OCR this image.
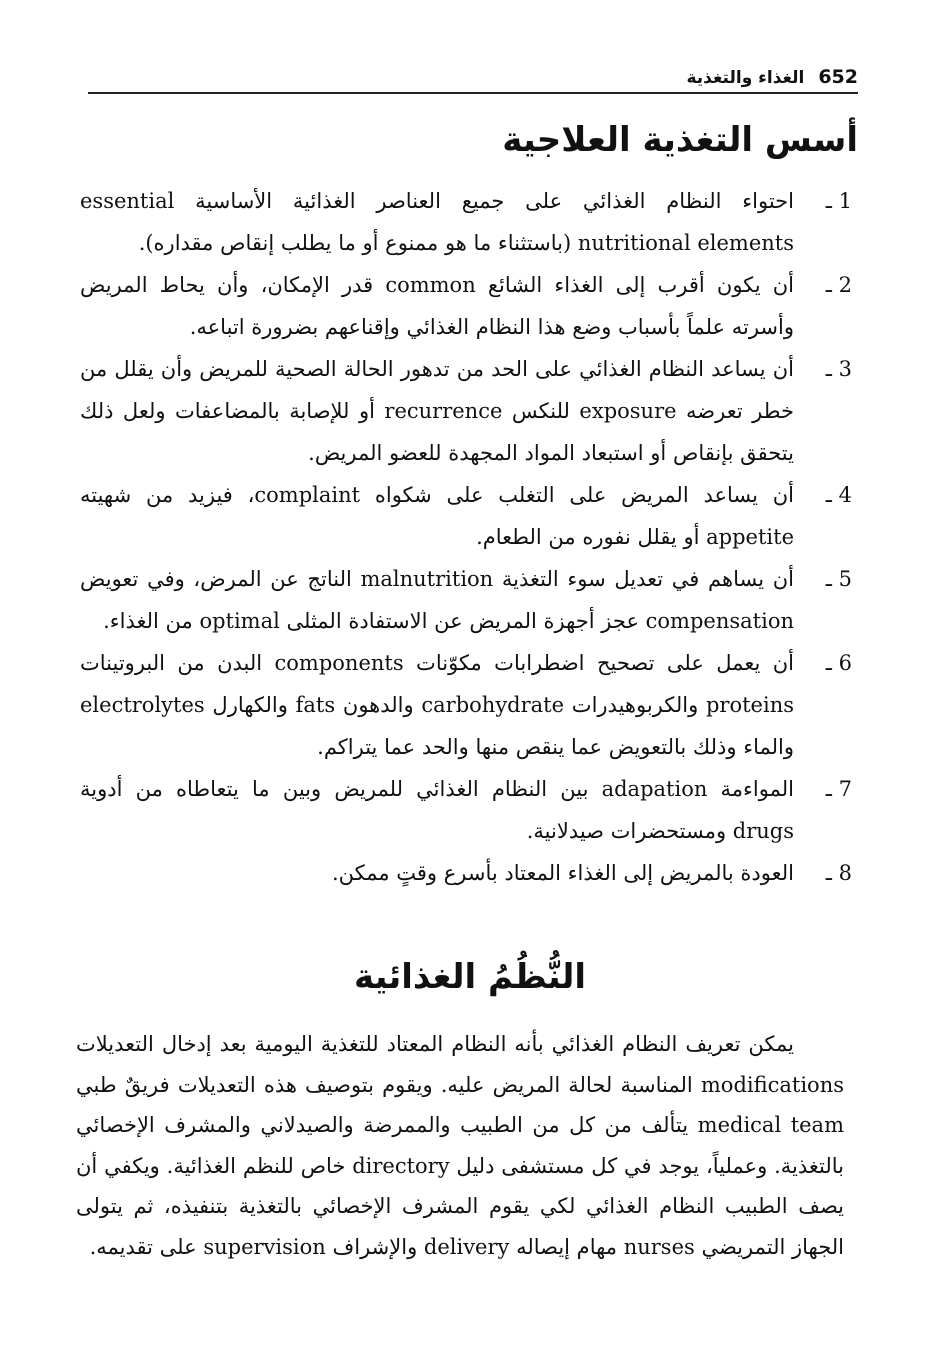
652
الغذاء والتغذية
أسس التغذية العلاجية
1 ـ
احتواء النظام الغذائي على جميع العناصر الغذائية الأساسية essential nutritional elements (باستثناء ما هو ممنوع أو ما يطلب إنقاص مقداره).
2 ـ
أن يكون أقرب إلى الغذاء الشائع common قدر الإمكان، وأن يحاط المريض وأسرته علماً بأسباب وضع هذا النظام الغذائي وإقناعهم بضرورة اتباعه.
3 ـ
أن يساعد النظام الغذائي على الحد من تدهور الحالة الصحية للمريض وأن يقلل من خطر تعرضه exposure للنكس recurrence أو للإصابة بالمضاعفات ولعل ذلك يتحقق بإنقاص أو استبعاد المواد المجهدة للعضو المريض.
4 ـ
أن يساعد المريض على التغلب على شكواه complaint، فيزيد من شهيته appetite أو يقلل نفوره من الطعام.
5 ـ
أن يساهم في تعديل سوء التغذية malnutrition الناتج عن المرض، وفي تعويض compensation عجز أجهزة المريض عن الاستفادة المثلى optimal من الغذاء.
6 ـ
أن يعمل على تصحيح اضطرابات مكوّنات components البدن من البروتينات proteins والكربوهيدرات carbohydrate والدهون fats والكهارل electrolytes والماء وذلك بالتعويض عما ينقص منها والحد عما يتراكم.
7 ـ
المواءمة adapation بين النظام الغذائي للمريض وبين ما يتعاطاه من أدوية drugs ومستحضرات صيدلانية.
8 ـ
العودة بالمريض إلى الغذاء المعتاد بأسرع وقتٍ ممكن.
النُّظُمُ الغذائية

يمكن تعريف النظام الغذائي بأنه النظام المعتاد للتغذية اليومية بعد إدخال التعديلات modifications المناسبة لحالة المريض عليه. ويقوم بتوصيف هذه التعديلات فريقٌ طبي medical team يتألف من كل من الطبيب والممرضة والصيدلاني والمشرف الإخصائي بالتغذية. وعملياً، يوجد في كل مستشفى دليل directory خاص للنظم الغذائية. ويكفي أن يصف الطبيب النظام الغذائي لكي يقوم المشرف الإخصائي بالتغذية بتنفيذه، ثم يتولى الجهاز التمريضي nurses مهام إيصاله delivery والإشراف supervision على تقديمه.
